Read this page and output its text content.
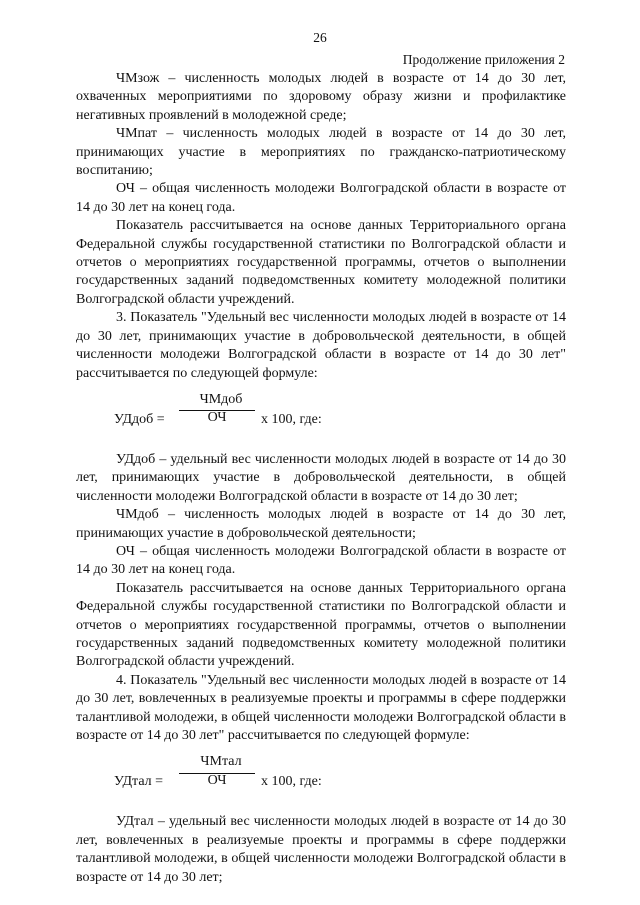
26
Продолжение приложения 2

ЧМзож – численность молодых людей в возрасте от 14 до 30 лет, охваченных мероприятиями по здоровому образу жизни и профилактике негативных проявлений в молодежной среде;

ЧМпат – численность молодых людей в возрасте от 14 до 30 лет, принимающих участие в мероприятиях по гражданско-патриотическому воспитанию;

ОЧ – общая численность молодежи Волгоградской области в возрасте от 14 до 30 лет на конец года.

Показатель рассчитывается на основе данных Территориального органа Федеральной службы государственной статистики по Волгоградской области и отчетов о мероприятиях государственной программы, отчетов о выполнении государственных заданий подведомственных комитету молодежной политики Волгоградской области учреждений.

3. Показатель "Удельный вес численности молодых людей в возрасте от 14 до 30 лет, принимающих участие в добровольческой деятельности, в общей численности молодежи Волгоградской области в возрасте от 14 до 30 лет" рассчитывается по следующей формуле:

УДдоб =
ЧМдоб
ОЧ	х 100, где:

УДдоб – удельный вес численности молодых людей в возрасте от 14 до 30 лет, принимающих участие в добровольческой деятельности, в общей численности молодежи Волгоградской области в возрасте от 14 до 30 лет;

ЧМдоб – численность молодых людей в возрасте от 14 до 30 лет, принимающих участие в добровольческой деятельности;

ОЧ – общая численность молодежи Волгоградской области в возрасте от 14 до 30 лет на конец года.

Показатель рассчитывается на основе данных Территориального органа Федеральной службы государственной статистики по Волгоградской области и отчетов о мероприятиях государственной программы, отчетов о выполнении государственных заданий подведомственных комитету молодежной политики Волгоградской области учреждений.

4. Показатель "Удельный вес численности молодых людей в возрасте от 14 до 30 лет, вовлеченных в реализуемые проекты и программы в сфере поддержки талантливой молодежи, в общей численности молодежи Волгоградской области в возрасте от 14 до 30 лет" рассчитывается по следующей формуле:

УДтал =
ЧМтал
ОЧ	х 100, где:

УДтал – удельный вес численности молодых людей в возрасте от 14 до 30 лет, вовлеченных в реализуемые проекты и программы в сфере поддержки талантливой молодежи, в общей численности молодежи Волгоградской области в возрасте от 14 до 30 лет;
